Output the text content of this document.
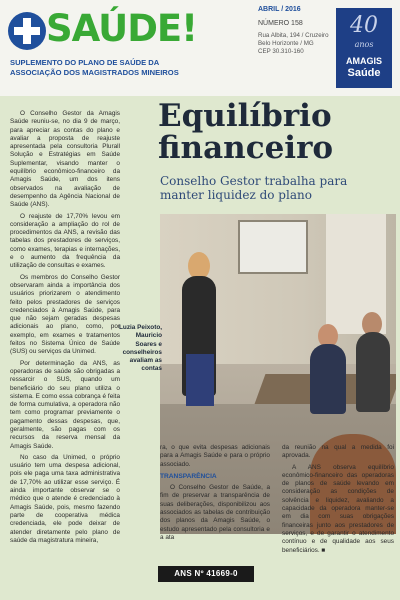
SAÚDE!
SUPLEMENTO DO PLANO DE SAÚDE DA ASSOCIAÇÃO DOS MAGISTRADOS MINEIROS
ABRIL / 2016
NÚMERO 158
Rua Albita, 194 / Cruzeiro
Belo Horizonte / MG
CEP 30.310-160
40
anos
AMAGIS
Saúde

O Conselho Gestor da Amagis Saúde reuniu-se, no dia 9 de março, para apreciar as contas do plano e avaliar a proposta de reajuste apresentada pela consultoria Plurall Solução e Estratégias em Saúde Suplementar, visando manter o equilíbrio econômico-financeiro da Amagis Saúde, um dos itens observados na avaliação de desempenho da Agência Nacional de Saúde (ANS).

O reajuste de 17,70% levou em consideração a ampliação do rol de procedimentos da ANS, a revisão das tabelas dos prestadores de serviços, como exames, terapias e internações, e o aumento da frequência da utilização de consultas e exames.

Os membros do Conselho Gestor observaram ainda a importância dos usuários priorizarem o atendimento feito pelos prestadores de serviços credenciados à Amagis Saúde, para que não sejam geradas despesas adicionais ao plano, como, por exemplo, em exames e tratamentos feitos no Sistema Único de Saúde (SUS) ou serviços da Unimed.

Por determinação da ANS, as operadoras de saúde são obrigadas a ressarcir o SUS, quando um beneficiário do seu plano utiliza o sistema. E como essa cobrança é feita de forma cumulativa, a operadora não tem como programar previamente o pagamento dessas despesas, que, geralmente, são pagas com os recursos da reserva mensal da Amagis Saúde.

No caso da Unimed, o próprio usuário tem uma despesa adicional, pois ele paga uma taxa administrativa de 17,70% ao utilizar esse serviço. É ainda importante observar se o médico que o atende é credenciado à Amagis Saúde, pois, mesmo fazendo parte de cooperativa médica credenciada, ele pode deixar de atender diretamente pelo plano de saúde da magistratura mineira,

Equilíbrio financeiro
Conselho Gestor trabalha para manter liquidez do plano
Luzia Peixoto, Mauricio Soares e conselheiros avaliam as contas

ra, o que evita despesas adicionais para a Amagis Saúde e para o próprio associado.

TRANSPARÊNCIA

O Conselho Gestor de Saúde, a fim de preservar a transparência de suas deliberações, disponibilizou aos associados as tabelas de contribuição dos planos da Amagis Saúde, o estudo apresentado pela consultoria e a ata

da reunião na qual a medida foi aprovada.

A ANS observa equilíbrio econômico-financeiro das operadoras de planos de saúde levando em consideração as condições de solvência e liquidez, avaliando a capacidade da operadora manter-se em dia com suas obrigações financeiras junto aos prestadores de serviços, e de garantir o atendimento contínuo e de qualidade aos seus beneficiários. ■

ANS Nº 41669-0
